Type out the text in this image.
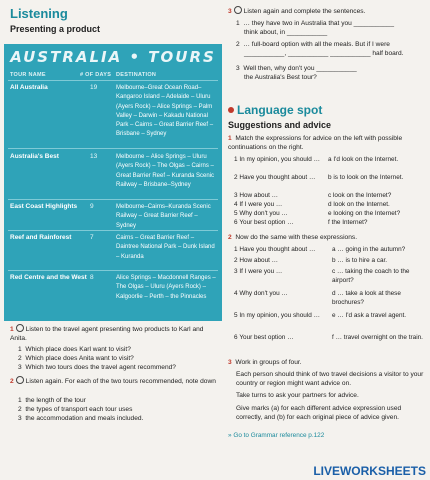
Listening
Presenting a product
AUSTRALIA • TOURS
TOUR NAME	# OF DAYS DESTINATION
All Australia	19	Melbourne–Great Ocean Road–Kangaroo Island – Adelaide – Uluru (Ayers Rock) – Alice Springs – Palm Valley – Darwin – Kakadu National Park – Cairns – Great Barrier Reef – Brisbane – Sydney
Australia's Best	13	Melbourne – Alice Springs – Uluru (Ayers Rock) – The Olgas – Cairns – Great Barrier Reef – Kuranda Scenic Railway – Brisbane–Sydney
East Coast Highlights 9	Melbourne–Cairns–Kuranda Scenic Railway – Great Barrier Reef – Sydney
Reef and Rainforest	7	Cairns – Great Barrier Reef – Daintree National Park – Dunk Island – Kuranda
Red Centre and the West 8	Alice Springs – Macdonnell Ranges – The Olgas – Uluru (Ayers Rock) – Kalgoorlie – Perth – the Pinnacles
1 Listen to the travel agent presenting two products to Karl and Anita.
1  Which place does Karl want to visit?
2  Which place does Anita want to visit?
3  Which two tours does the travel agent recommend?
2 Listen again. For each of the two tours recommended, note down
1  the length of the tour
2  the types of transport each tour uses
3  the accommodation and meals included.
3 Listen again and complete the sentences.
1  … they have two in Australia that you ___________
think about, in ___________
2  … full-board option with all the meals. But if I were
___________, ___________ ___________ half board.
3  Well then, why don't you ___________
the Australia's Best tour?
Language spot
Suggestions and advice
1 Match the expressions for advice on the left with possible continuations on the right.
1 In my opinion, you should …
2 Have you thought about …
3 How about …
4 If I were you …
5 Why don't you …
6 Your best option …
a I'd look on the Internet.
b is to look on the Internet.
c look on the Internet?
d look on the Internet.
e looking on the Internet?
f the Internet?
2 Now do the same with these expressions.
1 Have you thought about …
2 How about …
3 If I were you …
4 Why don't you …
5 In my opinion, you should …
6 Your best option …
a … going in the autumn?
b … is to hire a car.
c … taking the coach to the airport?
d … take a look at these brochures?
e … I'd ask a travel agent.
f … travel overnight on the train.
3 Work in groups of four.
Each person should think of two travel decisions a visitor to your country or region might want advice on.
Take turns to ask your partners for advice.
Give marks (a) for each different advice expression used correctly, and (b) for each original piece of advice given.
» Go to Grammar reference p.122
LIVEWORKSHEETS
